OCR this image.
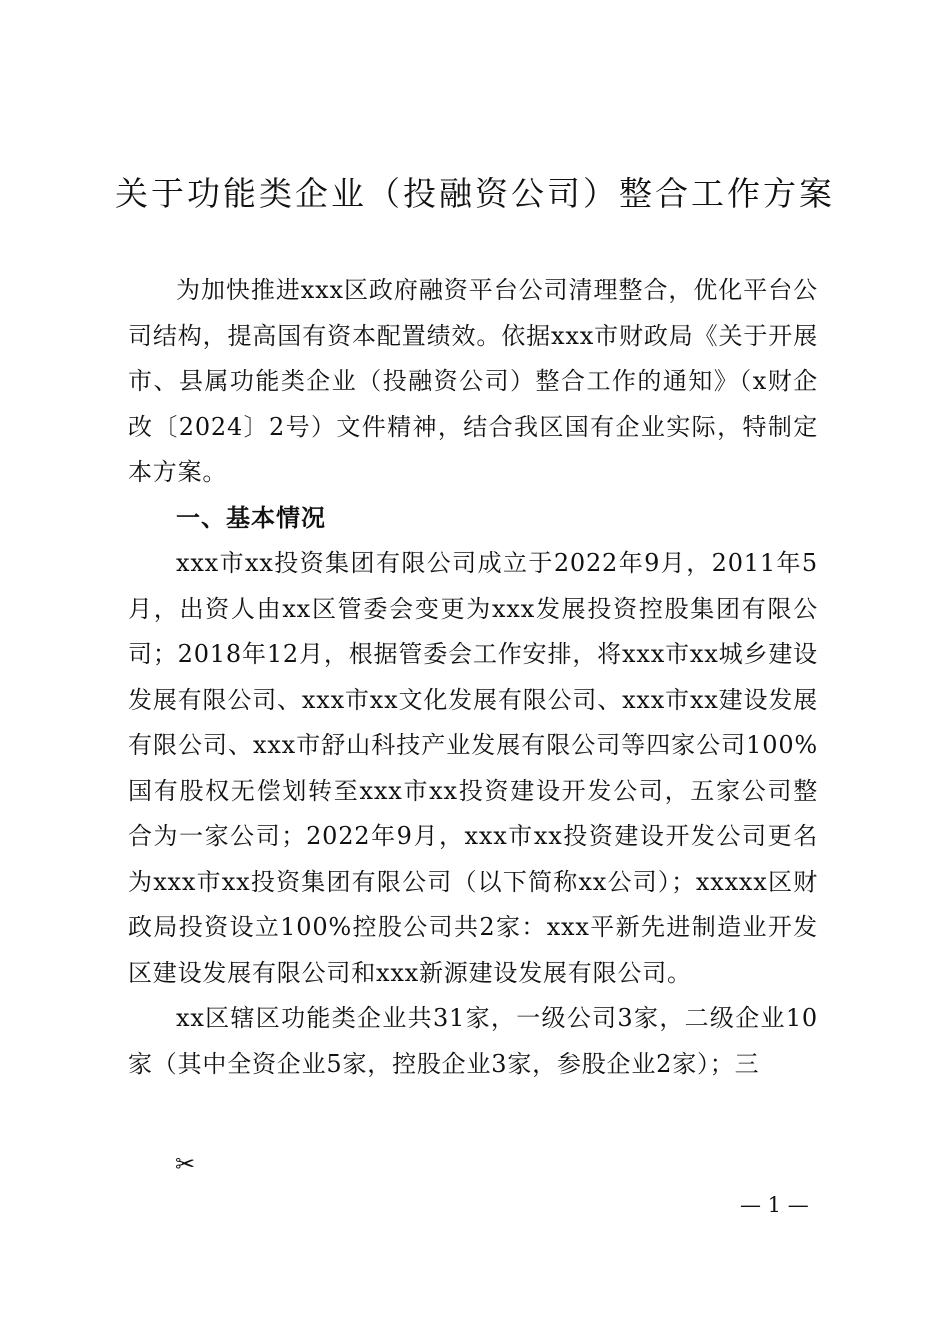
关于功能类企业（投融资公司）整合工作方案

为加快推进xxx区政府融资平台公司清理整合，优化平台公司结构，提高国有资本配置绩效。依据xxx市财政局《关于开展市、县属功能类企业（投融资公司）整合工作的通知》（x财企改〔2024〕2号）文件精神，结合我区国有企业实际，特制定本方案。

一、基本情况

xxx市xx投资集团有限公司成立于2022年9月，2011年5月，出资人由xx区管委会变更为xxx发展投资控股集团有限公司；2018年12月，根据管委会工作安排，将xxx市xx城乡建设发展有限公司、xxx市xx文化发展有限公司、xxx市xx建设发展有限公司、xxx市舒山科技产业发展有限公司等四家公司100%国有股权无偿划转至xxx市xx投资建设开发公司，五家公司整合为一家公司；2022年9月，xxx市xx投资建设开发公司更名为xxx市xx投资集团有限公司（以下简称xx公司）；xxxxx区财政局投资设立100%控股公司共2家：xxx平新先进制造业开发区建设发展有限公司和xxx新源建设发展有限公司。

xx区辖区功能类企业共31家，一级公司3家，二级企业10家（其中全资企业5家，控股企业3家，参股企业2家）；三

✂
— 1 —
